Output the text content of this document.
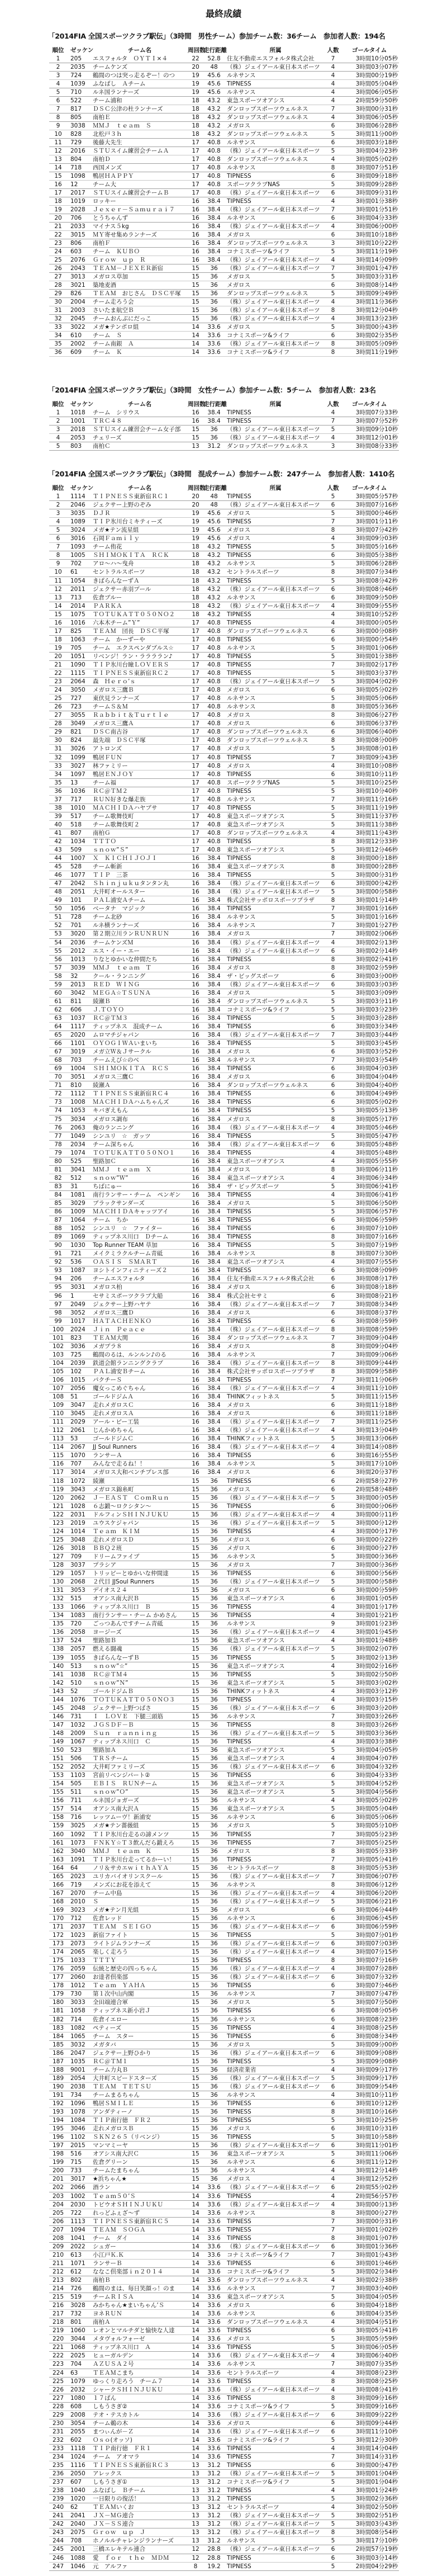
最終成績
「2014FIA 全国スポーツクラブ駅伝」（3時間　男性チーム）参加チーム数：36チーム　参加者人数：194名
順位	ゼッケン	チーム名	周回数
走行距離	所属	人数	ゴールタイム
1	205	エスフォルタ　ＯＹＴＩ×４	22	52.8	住友不動産エスフォルタ株式会社	7	3時間10分05秒
2	2035	チームケンズ	20	48	（株）ジェイアール東日本スポーツ	4	3時間03分07秒
3	724	鶴間のつは突っ走るぞー！のつ	19	45.6	ルネサンス	4	3時間00分19秒
4	1039	ふなばし　Ａチーム	19	45.6	TIPNESS	4	3時間05分04秒
5	710	ルネ国ランナーズ	19	45.6	ルネサンス	4	3時間06分05秒
6	522	チーム浦和	18	43.2	東急スポーツオアシス	4	2時間59分50秒
7	817	ＤＳＣ公津の杜ランナーズ	18	43.2	ダンロップスポーツウェルネス	7	3時間00分31秒
8	805	南柏Ｅ	18	43.2	ダンロップスポーツウェルネス	4	3時間06分05秒
9	3038	ＭＭＪ　ｔｅａｍ　Ｓ	18	43.2	メガロス	6	3時間06分28秒
10	828	北松戸３ｈ	18	43.2	ダンロップスポーツウェルネス	5	3時間11分00秒
11	729	後藤大先生	17	40.8	ルネサンス	6	3時間03分18秒
12	2016	ＳＴＵスイム練習会チームＡ	17	40.8	（株）ジェイアール東日本スポーツ	5	3時間04分23秒
13	804	南柏Ｄ	17	40.8	ダンロップスポーツウェルネス	4	3時間05分02秒
14	718	西国メンズ	17	40.8	ルネサンス	8	3時間07分51秒
15	1098	鴨居ＨＡＰＰＹ	17	40.8	TIPNESS	6	3時間09分18秒
16	12	チーム大	17	40.8	スポーツクラブNAS	5	3時間09分28秒
17	2017	ＳＴＵスイム練習会チームＢ	17	40.8	（株）ジェイアール東日本スポーツ	6	3時間09分31秒
18	1019	ロッキー	16	38.4	TIPNESS	4	3時間01分38秒
19	2028	Ｊｅｘｅｒ－Ｓａｍｕｒａｉ７	16	38.4	（株）ジェイアール東日本スポーツ	7	3時間01分51秒
20	706	とうちゃんず	16	38.4	ルネサンス	6	3時間04分33秒
21	2033	マイナス５kg	16	38.4	（株）ジェイアール東日本スポーツ	4	3時間06分00秒
22	3015	ＭＹ寄せ集めランナーズ	16	38.4	メガロス	6	3時間10分18秒
23	806	南柏Ｆ	16	38.4	ダンロップスポーツウェルネス	3	3時間10分22秒
24	603	チーム　ＫＵＢＯ	16	38.4	コナミスポーツ&ライフ	5	3時間11分19秒
25	2076	Ｇｒｏｗ　ｕｐ　Ｒ	16	38.4	（株）ジェイアール東日本スポーツ	4	3時間14分09秒
26	2043	ＴＥＡＭ－ＪＥＸＥＲ新宿	15	36	（株）ジェイアール東日本スポーツ	7	3時間01分47秒
27	3013	メガロス草加	15	36	メガロス	5	3時間03分31秒
28	3021	築地麦酒	15	36	メガロス	6	3時間08分14秒
29	826	ＴＥＡＭ　おじさん　ＤＳＣ平塚	15	36	ダンロップスポーツウェルネス	5	3時間09分49秒
30	2004	チーム走ろう会	15	36	（株）ジェイアール東日本スポーツ	4	3時間11分36秒
31	2003	さいたま航空Ｂ	15	36	（株）ジェイアール東日本スポーツ	8	3時間12分04秒
32	2045	チームおんぶにだっこ	15	36	（株）ジェイアール東日本スポーツ	4	3時間13分23秒
33	3022	メガ★テンポロ組	14	33.6	メガロス	5	3時間00分43秒
34	610	チーム　Ｓ	14	33.6	コナミスポーツ&ライフ	6	3時間02分35秒
35	2002	チーム南銀　Ａ	14	33.6	（株）ジェイアール東日本スポーツ	8	3時間05分09秒
36	609	チーム　Ｋ	14	33.6	コナミスポーツ&ライフ	8	3時間11分19秒
「2014FIA 全国スポーツクラブ駅伝」（3時間　女性チーム）参加チーム数：5チーム　参加者人数：23名
順位	ゼッケン	チーム名	周回数
走行距離	所属	人数	ゴールタイム
1	1018	チーム　シリウス	16	38.4	TIPNESS	4	3時間07分33秒
2	1001	ＴＲＣ４８	16	38.4	TIPNESS	7	3時間07分52秒
3	2018	ＳＴＵスイム練習会チーム女子部	15	36	（株）ジェイアール東日本スポーツ	5	3時間09分10秒
4	2053	チェリーズ	15	36	（株）ジェイアール東日本スポーツ	4	3時間12分01秒
5	803	南柏Ｃ	13	31.2	ダンロップスポーツウェルネス	3	3時間08分33秒
「2014FIA 全国スポーツクラブ駅伝」（3時間　混成チーム）参加チーム数：247チーム　参加者人数：1410名
順位	ゼッケン	チーム名	周回数
走行距離	所属	人数	ゴールタイム
1	1114	ＴＩＰＮＥＳＳ東新宿ＲＣ１	20	48	TIPNESS	5	3時間05分57秒
2	2046	ジェクサー上野のぞみ	20	48	（株）ジェイアール東日本スポーツ	6	3時間07分16秒
3	3035	ＤＪＲ	19	45.6	メガロス	5	3時間00分46秒
4	1089	ＴＩＰ氷川台ミキティーズ	19	45.6	TIPNESS	7	3時間01分11秒
5	3024	メガ★テン流星組	19	45.6	メガロス	8	3時間07分42秒
6	3016	石岡Ｆａｍｉｌｙ	19	45.6	メガロス	4	3時間09分03秒
7	1093	チーム侑花	18	43.2	TIPNESS	5	3時間05分16秒
8	1005	ＳＨＩＭＯＫＩＴＡ　ＲＣＫ	18	43.2	TIPNESS	6	3時間05分38秒
9	702	アロ～ハ～曳舟	18	43.2	ルネサンス	5	3時間06分28秒
10	61	セントラルスポーツ	18	43.2	セントラルスポーツ	8	3時間07分34秒
11	1054	きばらんなーずＡ	18	43.2	TIPNESS	5	3時間08分42秒
12	2011	ジェクサー赤羽プール	18	43.2	（株）ジェイアール東日本スポーツ	6	3時間08分46秒
13	713	佐倉ブルー	18	43.2	ルネサンス	6	3時間09分50秒
14	2014	ＰＡＲＫＡ	18	43.2	（株）ジェイアール東日本スポーツ	4	3時間09分55秒
15	1075	ＴＯＴＵＫＡＴＴ０５０ＮＯ２	18	43.2	TIPNESS	4	3時間10分52秒
16	1016	六本木チーム”Ｙ”	17	40.8	TIPNESS	4	3時間00分05秒
17	825	ＴＥＡＭ　団長　ＤＳＣ平塚	17	40.8	ダンロップスポーツウェルネス	6	3時間00分08秒
18	1063	チーム　かーずーや	17	40.8	TIPNESS	6	3時間00分54秒
19	705	チーム　エクスペンダブルス☆	17	40.8	ルネサンス	5	3時間01分06秒
20	1051	リベンジ！ラン・ララララン♪	17	40.8	TIPNESS	5	3時間01分38秒
21	1090	ＴＩＰ氷川台瞳ＬＯＶＥＲＳ	17	40.8	TIPNESS	7	3時間02分17秒
22	1115	ＴＩＰＮＥＳＳ東新宿ＲＣ２	17	40.8	TIPNESS	5	3時間03分37秒
23	2064	森　Ｈｅｒｏ’ｓ	17	40.8	（株）ジェイアール東日本スポーツ	5	3時間04分02秒
24	3050	メガロス三鷹Ｂ	17	40.8	メガロス	6	3時間05分02秒
25	727	東伏見ランナーズ	17	40.8	ルネサンス	5	3時間05分06秒
26	723	チームＳ＆Ｍ	17	40.8	ルネサンス	8	3時間05分36秒
27	3055	Ｒａｂｂｉｔ＆Ｔｕｒｔｌｅ	17	40.8	メガロス	8	3時間06分27秒
28	3049	メガロス三鷹Ａ	17	40.8	メガロス	6	3時間06分37秒
29	821	ＤＳＣ南古谷	17	40.8	ダンロップスポーツウェルネス	6	3時間06分40秒
30	824	最先端　ＤＳＣ平塚	17	40.8	ダンロップスポーツウェルネス	8	3時間08分00秒
31	3026	アトロンズ	17	40.8	メガロス	5	3時間08分01秒
32	1099	鴨居ＦＵＮ	17	40.8	TIPNESS	7	3時間09分43秒
33	3027	林ファミリー	17	40.8	メガロス	4	3時間10分08秒
34	1097	鴨居ＥＮＪＯＹ	17	40.8	TIPNESS	6	3時間10分11秒
35	13	チーム福	17	40.8	スポーツクラブNAS	5	3時間10分25秒
36	1036	ＲＣ＠ＴＭ２	17	40.8	TIPNESS	5	3時間10分40秒
37	717	ＲＵＮ好きな爆走族	17	40.8	ルネサンス	7	3時間11分16秒
38	1010	ＭＡＣＨＩＤＡハヤブサ	17	40.8	TIPNESS	5	3時間11分19秒
39	517	チーム歌舞伎町	17	40.8	東急スポーツオアシス	5	3時間11分37秒
40	518	チーム歌舞伎町２	17	40.8	東急スポーツオアシス	5	3時間11分38秒
41	807	南柏Ｇ	17	40.8	ダンロップスポーツウェルネス	4	3時間11分43秒
42	1034	ＴＴＴＯ	17	40.8	TIPNESS	8	3時間12分33秒
43	509	ｓｎｏｗ”Ｓ”	17	40.8	東急スポーツオアシス	5	3時間12分46秒
44	1007	Ｘ　ＫＩＣＨＩＪＯＪＩ	16	38.4	TIPNESS	8	3時間00分18秒
45	528	チーム斬新	16	38.4	東急スポーツオアシス	8	3時間00分28秒
46	1077	ＴＩＰ　三茶	16	38.4	TIPNESS	5	3時間00分31秒
47	2042	Ｓｈｉｎｊｕｋｕタンタン丸	16	38.4	（株）ジェイアール東日本スポーツ	6	3時間00分42秒
48	2051	大井町オールスター	16	38.4	（株）ジェイアール東日本スポーツ	5	3時間00分58秒
49	101	ＰＡＬ浦安Ａチーム	16	38.4	株式会社サッポロスポーツプラザ	8	3時間01分14秒
50	1056	ベータナ　マジック	16	38.4	TIPNESS	7	3時間01分16秒
51	728	チーム北砂	16	38.4	ルネサンス	5	3時間01分16秒
52	701	ルネ横ランナーズ	16	38.4	ルネサンス	7	3時間01分27秒
53	3020	第２期立川ランＲＵＮＲＵＮ	16	38.4	メガロス	7	3時間02分06秒
54	2036	チームケンズＭ	16	38.4	（株）ジェイアール東日本スポーツ	4	3時間02分13秒
55	2012	エス・イー・エー	16	38.4	（株）ジェイアール東日本スポーツ	6	3時間02分14秒
56	1013	りなとゆかいな仲間たち	16	38.4	TIPNESS	8	3時間02分41秒
57	3039	ＭＭＪ　ｔｅａｍ　Ｔ	16	38.4	メガロス	8	3時間02分59秒
58	32	クール・ランニング	16	38.4	ザ・ビッグスポーツ	6	3時間03分00秒
59	2013	ＲＥＤ　ＷＩＮＧ	16	38.4	（株）ジェイアール東日本スポーツ	6	3時間03分03秒
60	3042	ＭＥＧＡ☆ＴＳＵＮＡ	16	38.4	メガロス	5	3時間03分09秒
61	811	綾瀬Ｂ	16	38.4	ダンロップスポーツウェルネス	5	3時間03分11秒
62	606	Ｊ.ＴＯＹＯ	16	38.4	コナミスポーツ&ライフ	5	3時間03分23秒
63	1037	ＲＣ＠ＴＭ３	16	38.4	TIPNESS	5	3時間03分28秒
64	1117	ティップネス　混成チーム	16	38.4	TIPNESS	6	3時間03分34秒
65	2020	ムロマチジャパン	16	38.4	（株）ジェイアール東日本スポーツ	7	3時間03分44秒
66	1101	ＯＹＯＧＩＷＡいまいち	16	38.4	TIPNESS	5	3時間03分45秒
67	3019	メガ立Ｗ＆Ｊサークル	16	38.4	メガロス	6	3時間03分52秒
68	703	チームえび☆のべ	16	38.4	ルネサンス	7	3時間03分54秒
69	1004	ＳＨＩＭＯＫＩＴＡ　ＲＣＳ	16	38.4	TIPNESS	6	3時間04分03秒
70	3051	メガロス三鷹Ｃ	16	38.4	メガロス	6	3時間04分04秒
71	810	綾瀬Ａ	16	38.4	ダンロップスポーツウェルネス	6	3時間04分40秒
72	1112	ＴＩＰＮＥＳＳ東新宿ＲＣ４	16	38.4	TIPNESS	6	3時間04分49秒
73	1008	ＭＡＣＨＩＤＡハムちゃんズ	16	38.4	TIPNESS	6	3時間05分02秒
74	1053	キバぎえもん	16	38.4	TIPNESS	5	3時間05分13秒
75	3034	メガロス調布	16	38.4	メガロス	8	3時間05分17秒
76	2063	俺のランニング	16	38.4	（株）ジェイアール東日本スポーツ	4	3時間05分46秒
77	1049	シンユリ　☆　ガッツ	16	38.4	TIPNESS	5	3時間05分47秒
78	2034	チーム深ちゃん	16	38.4	（株）ジェイアール東日本スポーツ	6	3時間05分48秒
79	1074	ＴＯＴＵＫＡＴＴ０５０ＮＯ１	16	38.4	TIPNESS	4	3時間05分48秒
80	525	聖路加Ｃ	16	38.4	東急スポーツオアシス	4	3時間05分55秒
81	3041	ＭＭＪ　ｔｅａｍ　Ｘ	16	38.4	メガロス	8	3時間06分11秒
82	512	ｓｎｏｗ”Ｗ”	16	38.4	東急スポーツオアシス	4	3時間06分34秒
83	31	ちばにゅー	16	38.4	ザ・ビッグスポーツ	5	3時間06分41秒
84	1081	南行ランサー・チーム　ペンギン	16	38.4	TIPNESS	4	3時間06分41秒
85	3029	ブラックサンダーズ	16	38.4	メガロス	5	3時間06分50秒
86	1009	ＭＡＣＨＩＤＡキャッツアイ	16	38.4	TIPNESS	5	3時間06分57秒
87	1064	チーム　ちか	16	38.4	TIPNESS	6	3時間06分59秒
88	1052	シンユリ　☆　ファイター	16	38.4	TIPNESS	6	3時間07分10秒
89	1069	ティップネス川口　Ｄチーム	16	38.4	TIPNESS	8	3時間07分16秒
90	1030	Top Runner TEAM 草加	16	38.4	TIPNESS	5	3時間07分19秒
91	721	メイクミラクルチーム青砥	16	38.4	ルネサンス	8	3時間07分30秒
92	536	ＯＡＳＩＳ　ＳＭＡＲＴ	16	38.4	東急スポーツオアシス	4	3時間07分55秒
93	1087	ヨシトインフィニティーズ２	16	38.4	TIPNESS	6	3時間08分09秒
94	206	チームエスフォルタ	16	38.4	住友不動産エスフォルタ株式会社	6	3時間08分17秒
95	3031	メガロス柏	16	38.4	メガロス	6	3時間08分18秒
96	1	セサミスポーツクラブ大船	16	38.4	株式会社セサミ	6	3時間08分21秒
97	2049	ジェクサー上野ハヤテ	16	38.4	（株）ジェイアール東日本スポーツ	7	3時間08分34秒
98	3052	メガロス三鷹Ｄ	16	38.4	メガロス	6	3時間08分37秒
99	1017	ＨＡＴＡＣＨＥＮＫＯ	16	38.4	TIPNESS	6	3時間08分59秒
100	2024	Ｊｉｎ　Ｐｅａｃｅ	16	38.4	（株）ジェイアール東日本スポーツ	8	3時間08分59秒
101	823	ＴＥＡＭ大関	16	38.4	ダンロップスポーツウェルネス	7	3時間09分04秒
102	3036	メガプラ８	16	38.4	メガロス	8	3時間09分04秒
103	725	鶴間のるは、ルンルン♪のる	16	38.4	ルネサンス	7	3時間09分06秒
104	2039	鉄道会館ランニングクラブ	16	38.4	（株）ジェイアール東日本スポーツ	8	3時間09分44秒
105	102	ＰＡＬ浦安Ｂチーム	16	38.4	株式会社サッポロスポーツプラザ	8	3時間09分58秒
106	1015	パクチーＳ	16	38.4	TIPNESS	7	3時間11分06秒
107	2056	魔女っこめぐちゃん	16	38.4	（株）ジェイアール東日本スポーツ	4	3時間11分10秒
108	51	ゴールドジムＡ	16	38.4	THINKフィットネス	5	3時間11分15秒
109	3047	走れメガロスＣ	16	38.4	メガロス	6	3時間11分18秒
110	3045	走れメガロスＡ	16	38.4	メガロス	6	3時間11分18秒
111	2029	アール・ピー工装	16	38.4	（株）ジェイアール東日本スポーツ	7	3時間11分25秒
112	2061	じんかめちゃん	16	38.4	（株）ジェイアール東日本スポーツ	4	3時間13分04秒
113	53	ゴールドジムＣ	16	38.4	THINKフィットネス	5	3時間13分06秒
114	2067	JJ Soul Runners	16	38.4	（株）ジェイアール東日本スポーツ	4	3時間14分08秒
115	1070	ランサーＡ	16	38.4	TIPNESS	6	3時間16分55秒
116	707	みんなで走るね！！	16	38.4	ルネサンス	5	3時間17分10秒
117	3014	メガロス大和ベンチプレス部	16	38.4	メガロス	6	3時間20分37秒
118	1072	綾瀬	15	36	TIPNESS	6	2時間58分27秒
119	3043	メガロス錦糸町	15	36	メガロス	6	2時間58分48秒
120	2062	Ｊ－ＥＡＳＴ　ＣｏｍＲｕｎ	15	36	（株）ジェイアール東日本スポーツ	5	3時間00分05秒
121	1028	６志鍛～ロクシタン～	15	36	TIPNESS	6	3時間00分06秒
122	2031	ドルフィンＳＨＩＮＪＵＫＵ	15	36	（株）ジェイアール東日本スポーツ	4	3時間00分11秒
123	2019	ユウスケジャパン	15	36	（株）ジェイアール東日本スポーツ	5	3時間00分12秒
124	1014	Ｔｅａｍ　ＫＩＭ	15	36	TIPNESS	4	3時間00分17秒
125	3048	走れメガロスＤ	15	36	メガロス	6	3時間00分22秒
126	3018	ＢＢＱ２班	15	36	メガロス	6	3時間00分27秒
127	709	ドリームファイブ	15	36	ルネサンス	5	3時間00分36秒
128	3037	プラシア	15	36	メガロス	7	3時間00分36秒
129	1057	トリッピーとゆかいな仲間達	15	36	TIPNESS	6	3時間00分56秒
130	2068	２代目 JJSoul Runners	15	36	（株）ジェイアール東日本スポーツ	5	3時間00分58秒
131	3053	デイオス２４	15	36	メガロス	6	3時間00分59秒
132	515	オアシス南大沢Ｂ	15	36	東急スポーツオアシス	6	3時間01分05秒
133	1066	ティップネス川口　Ｂ	15	36	TIPNESS	4	3時間01分17秒
134	1083	南行ランサー・チーム かめさん	15	36	TIPNESS	4	3時間01分21秒
135	720	ごっつあんですチーム青砥	15	36	ルネサンス	9	3時間01分23秒
136	2058	ヨージーズ	15	36	（株）ジェイアール東日本スポーツ	4	3時間01分45秒
137	524	聖路加Ｂ	15	36	東急スポーツオアシス	4	3時間01分48秒
138	2057	燃える闘魂	15	36	（株）ジェイアール東日本スポーツ	5	3時間02分07秒
139	1055	きばらんなーずＢ	15	36	TIPNESS	5	3時間02分13秒
140	513	ｓｎｏｗ”☆”	15	36	東急スポーツオアシス	4	3時間02分16秒
141	1038	ＲＣ＠ＴＭ４	15	36	TIPNESS	5	3時間02分50秒
142	510	ｓｎｏｗ”Ｎ”	15	36	東急スポーツオアシス	5	3時間03分02秒
143	52	ゴールドジムＢ	15	36	THINKフィットネス	4	3時間03分12秒
144	1076	ＴＯＴＵＫＡＴＴ０５０ＮＯ３	15	36	TIPNESS	4	3時間03分15秒
145	2048	ジェクサー上野つばさ	15	36	（株）ジェイアール東日本スポーツ	6	3時間03分20秒
146	731	Ｉ　ＬＯＶＥ　下腿三頭筋	15	36	ルネサンス	7	3時間03分26秒
147	1032	ＪＧＳＤＦ－Ｂ	15	36	TIPNESS	8	3時間03分26秒
148	2009	Ｓｕｎ　ｒａｎｎｉｎｇ	15	36	（株）ジェイアール東日本スポーツ	5	3時間03分36秒
149	1067	ティップネス川口　Ｃ	15	36	TIPNESS	4	3時間03分38秒
150	523	聖路加Ａ	15	36	東急スポーツオアシス	5	3時間04分05秒
151	506	ＴＲＳチーム	15	36	東急スポーツオアシス	4	3時間04分07秒
152	2052	大井町ファミリーズ	15	36	（株）ジェイアール東日本スポーツ	6	3時間04分32秒
153	1103	宮前リベンジパート②	15	36	TIPNESS	6	3時間04分33秒
154	505	ＥＢＩＳ　ＲＵＮチーム	15	36	東急スポーツオアシス	5	3時間04分52秒
155	511	ｓｎｏｗ”Ｏ”	15	36	東急スポーツオアシス	5	3時間04分56秒
156	711	ルネ国ジョガーズ	15	36	ルネサンス	4	3時間05分02秒
157	514	オアシス南大沢Ａ	15	36	東急スポーツオアシス	5	3時間05分04秒
158	716	レッツムーヴ！新浦安	15	36	ルネサンス	6	3時間05分06秒
159	3025	メガ★テン薔薇組	15	36	メガロス	5	3時間05分10秒
160	1092	ＴＩＰ氷川台走るの諦メンツ	15	36	TIPNESS	7	3時間05分23秒
161	1073	ＦＮＫＹ☆Ｔ３飲んだら鍛えろ	15	36	TIPNESS	7	3時間05分25秒
162	3040	ＭＭＪ　ｔｅａｍ　Ｋ	15	36	メガロス	8	3時間05分33秒
163	1091	ＴＩＰ氷川台走ってるかーい！	15	36	TIPNESS	7	3時間05分41秒
164	64	ノリ＆サカエｗｉｔｈＡＹＡ	15	36	セントラルスポーツ	8	3時間05分53秒
165	2023	ユリカバイオリンスクール	15	36	（株）ジェイアール東日本スポーツ	7	3時間06分07秒
166	719	メンズにお花を添えて	15	36	ルネサンス	8	3時間06分12秒
167	2070	チーム中島	15	36	（株）ジェイアール東日本スポーツ	4	3時間06分20秒
168	2010	Ｓ	15	36	（株）ジェイアール東日本スポーツ	5	3時間06分21秒
169	3023	メガ★テン月光組	15	36	メガロス	6	3時間06分44秒
170	712	佐倉レッド	15	36	ルネサンス	6	3時間06分45秒
171	2037	ＴＥＡＭ　ＳＥＩＧＯ	15	36	（株）ジェイアール東日本スポーツ	6	3時間06分59秒
172	1023	新宿ファイト	15	36	TIPNESS	5	3時間07分01秒
173	2073	ライトジムランナーズ	15	36	（株）ジェイアール東日本スポーツ	6	3時間07分03秒
174	2065	楽しく走ろう	15	36	（株）ジェイアール東日本スポーツ	4	3時間07分15秒
175	1033	ＴＴＴＹ	15	36	TIPNESS	8	3時間07分16秒
176	2059	伝統と歴史の四っちゃん	15	36	（株）ジェイアール東日本スポーツ	4	3時間07分28秒
177	2060	お達者倶楽部	15	36	（株）ジェイアール東日本スポーツ	6	3時間07分32秒
178	1012	Ｔｅａｍ　ＹＡＨＡ	15	36	TIPNESS	6	3時間07分46秒
179	730	第１次中山内閣	15	36	ルネサンス	7	3時間07分47秒
180	3033	全田端連合軍	15	36	メガロス	5	3時間07分50秒
181	1058	ティップネス新小岩Ｊ	15	36	TIPNESS	6	3時間08分05秒
182	714	佐倉イエロー	15	36	ルネサンス	6	3時間08分23秒
183	1082	ペティーズ	15	36	TIPNESS	4	3時間08分25秒
184	1065	チーム　スター	15	36	TIPNESS	6	3時間08分34秒
185	3032	メガタバ	15	36	メガロス	5	3時間09分00秒
186	2047	ジェクサー上野ひかり	15	36	（株）ジェイアール東日本スポーツ	6	3時間09分08秒
187	1035	ＲＣ＠ＴＭ１	15	36	TIPNESS	5	3時間09分08秒
188	9001	チーム力丸Ｂ	15	36	経済産業省	4	3時間09分17秒
189	2054	大井町スピードスターズ	15	36	（株）ジェイアール東日本スポーツ	5	3時間09分17秒
190	2038	ＴＥＡＭ　ＴＥＴＳＵ	15	36	（株）ジェイアール東日本スポーツ	6	3時間09分54秒
191	734	チームまるちゃん	15	36	ルネサンス	4	3時間10分11秒
192	1096	鴨居ＳＭＩＬＥ	15	36	TIPNESS	6	3時間10分12秒
193	1078	アンダティーノ	15	36	TIPNESS	8	3時間10分16秒
194	1084	ＴＩＰ南行徳　ＦＲ２	15	36	TIPNESS	5	3時間10分25秒
195	3046	走れメガロスＢ	15	36	メガロス	6	3時間10分31秒
196	1102	ＳＫＮ２６５（リベンジ）	15	36	TIPNESS	5	3時間10分58秒
197	2015	マンマミーヤ	15	36	（株）ジェイアール東日本スポーツ	6	3時間11分01秒
198	516	オアシス南大沢Ｃ	15	36	東急スポーツオアシス	5	3時間11分06秒
199	715	佐倉グリーン	15	36	ルネサンス	6	3時間11分12秒
200	733	チームたまちゃん	15	36	ルネサンス	4	3時間12分14秒
201	3017	★浜ちゃん★	15	36	メガロス	4	3時間12分52秒
202	2066	酒ラン	14	33.6	（株）ジェイアール東日本スポーツ	6	2時間55分02秒
203	1002	Ｔｅａｍ５０’Ｓ	14	33.6	TIPNESS	4	2時間56分57秒
204	2030	トビウオＳＨＩＮＪＵＫＵ	14	33.6	（株）ジェイアール東日本スポーツ	4	3時間00分13秒
205	722	れっどふぇざ～ず	14	33.6	ルネサンス	8	3時間00分27秒
206	1113	ＴＩＰＮＥＳＳ東新宿ＲＣ５	14	33.6	TIPNESS	7	3時間00分31秒
207	1094	ＴＥＡＭ　ＳＯＧＡ	14	33.6	TIPNESS	7	3時間01分02秒
208	1041	チーム　ダイ	14	33.6	TIPNESS	8	3時間01分07秒
209	2022	シュガー	14	33.6	（株）ジェイアール東日本スポーツ	6	3時間01分36秒
210	613	小江戸Ｋ.Ｋ	14	33.6	コナミスポーツ&ライフ	7	3時間01分43秒
211	1071	ランサーＢ	14	33.6	TIPNESS	6	3時間01分46秒
212	612	ななこ倶楽部ｉｎ２０１４	14	33.6	コナミスポーツ&ライフ	5	3時間02分34秒
213	802	南柏Ｂ	14	33.6	ダンロップスポーツウェルネス	4	3時間02分38秒
214	726	鶴間のまは、毎日笑顔っ！のま	14	33.6	ルネサンス	7	3時間03分40秒
215	519	チームＲＩＳＡ	14	33.6	東急スポーツオアシス	5	3時間04分05秒
216	3028	みかちゃん★まいちゃん’Ｓ	14	33.6	メガロス	6	3時間04分18秒
217	732	ヨネＲＵＮ	14	33.6	ルネサンス	6	3時間04分35秒
218	801	南柏Ａ	14	33.6	ダンロップスポーツウェルネス	4	3時間04分51秒
219	1060	レオンとマルチダと愉快な人達	14	33.6	TIPNESS	6	3時間05分41秒
220	3044	メタヴォルフォーゼ	14	33.6	メガロス	5	3時間05分59秒
221	1068	ティップネス川口　Ａ	14	33.6	TIPNESS	5	3時間06分05秒
222	2025	ヒューガルデン	14	33.6	（株）ジェイアール東日本スポーツ	4	3時間06分40秒
223	704	ＡＺＵＳＡ２号	14	33.6	ルネサンス	7	3時間07分35秒
224	63	ＴＥＡＭこまち	14	33.6	セントラルスポーツ	4	3時間08分23秒
225	1079	ゆっくり走ろう　チーム７	14	33.6	TIPNESS	8	3時間08分25秒
226	2032	シャークＳＨＩＮＪＵＫＵ	14	33.6	（株）ジェイアール東日本スポーツ	4	3時間08分41秒
227	1080	１７ばん	14	33.6	TIPNESS	8	3時間09分16秒
228	608	しもうさぎ②	14	33.6	コナミスポーツ&ライフ	5	3時間09分16秒
229	2008	テオ・テスカトル	14	33.6	（株）ジェイアール東日本スポーツ	6	3時間09分22秒
230	3054	チーム鵜の木	14	33.6	メガロス	6	3時間09分44秒
231	2055	まつぃんが－Ｚ	14	33.6	（株）ジェイアール東日本スポーツ	6	3時間11分10秒
232	602	Ｏｓｏ(オッソ)	14	33.6	コナミスポーツ&ライフ	5	3時間12分30秒
233	1118	ＴＩＰ南行徳　ＦＲ１	14	33.6	TIPNESS	4	3時間14分04秒
234	1024	チーム　アオマラ	14	33.6	TIPNESS	7	3時間14分31秒
235	1116	ＴＩＰＮＥＳＳ東新宿ＲＣ３	13	31.2	TIPNESS	6	3時間00分47秒
236	2050	アレックス	13	31.2	（株）ジェイアール東日本スポーツ	5	3時間01分04秒
237	607	しもうさぎ①	13	31.2	コナミスポーツ&ライフ	5	3時間01分04秒
238	1040	ふなばし　Ｂチーム	13	31.2	TIPNESS	4	3時間01分24秒
239	1020	一日限りの復活！	13	31.2	TIPNESS	5	3時間02分36秒
240	62	ＴＥＡＭいくお	13	31.2	セントラルスポーツ	4	3時間02分50秒
241	2041	ＪＸ－ＭＧ連合	13	31.2	（株）ジェイアール東日本スポーツ	5	3時間02分51秒
242	2040	ＪＸ－ＳＳ連合	13	31.2	（株）ジェイアール東日本スポーツ	5	3時間03分43秒
243	2075	Ｇｒｏｗ　ｕｐ　Ｊ	13	31.2	（株）ジェイアール東日本スポーツ	8	3時間08分54秒
244	708	ホノルルチャレンジランナーズ	13	31.2	ルネサンス	5	3時間17分10秒
245	2001	三橋エレキテル連合	12	28.8	（株）ジェイアール東日本スポーツ	6	2時間57分19秒
246	1088	愛　ｆｏｒ　ｔｈｅ　ＭＤＭ	12	28.8	TIPNESS	6	3時間03分14秒
247	1046	元　アルファ	8	19.2	TIPNESS	5	2時間04分29秒
